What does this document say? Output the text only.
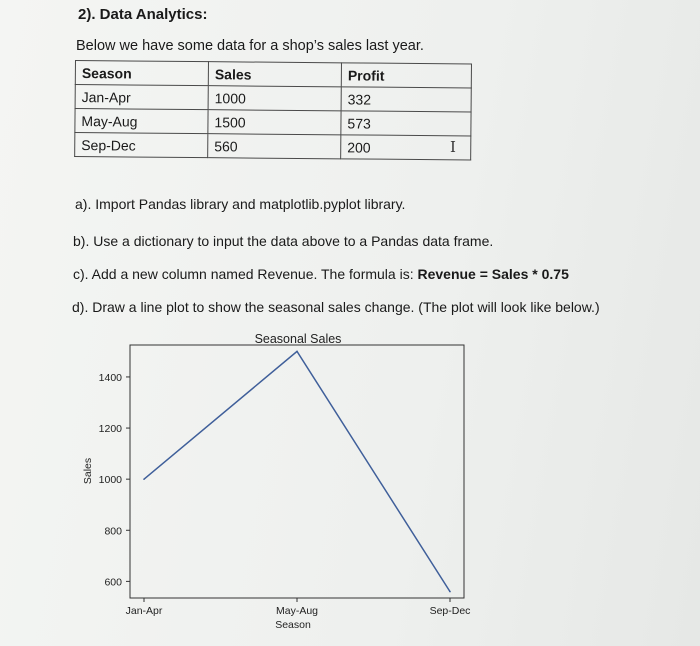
2). Data Analytics:
Below we have some data for a shop’s sales last year.
Season	Sales	Profit
Jan-Apr	1000	332
May-Aug	1500	573
Sep-Dec	560	200	I
a). Import Pandas library and matplotlib.pyplot library.
b). Use a dictionary to input the data above to a Pandas data frame.
c). Add a new column named Revenue. The formula is: Revenue = Sales * 0.75
d). Draw a line plot to show the seasonal sales change. (The plot will look like below.)
Seasonal Sales
Season
Sales
600
800
1000
1200
1400
Jan-Apr	May-Aug	Sep-Dec
